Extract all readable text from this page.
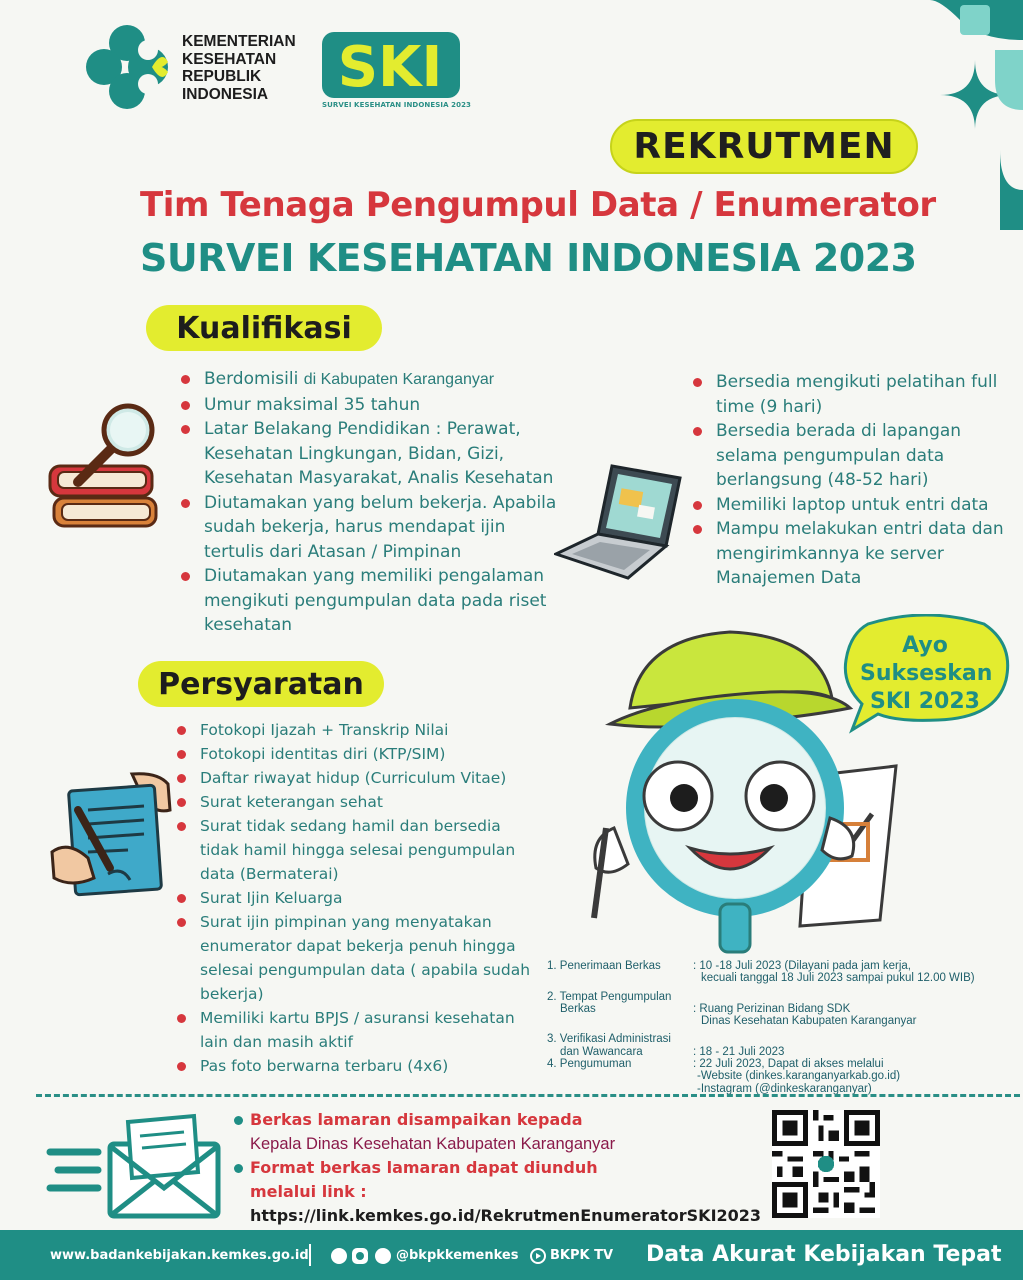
KEMENTERIAN
KESEHATAN
REPUBLIK
INDONESIA	SKI
SURVEI KESEHATAN INDONESIA 2023
REKRUTMEN
Tim Tenaga Pengumpul Data / Enumerator
SURVEI KESEHATAN INDONESIA 2023
Kualifikasi
Berdomisili di Kabupaten Karanganyar
Umur maksimal 35 tahun
Latar Belakang Pendidikan : Perawat, Kesehatan Lingkungan, Bidan, Gizi, Kesehatan Masyarakat, Analis Kesehatan
Diutamakan yang belum bekerja. Apabila sudah bekerja, harus mendapat ijin tertulis dari Atasan / Pimpinan
Diutamakan yang memiliki pengalaman mengikuti pengumpulan data pada riset kesehatan
Bersedia mengikuti pelatihan full time (9 hari)
Bersedia berada di lapangan selama pengumpulan data berlangsung (48-52 hari)
Memiliki laptop untuk entri data
Mampu melakukan entri data dan mengirimkannya ke server Manajemen Data
Persyaratan
Fotokopi Ijazah + Transkrip Nilai
Fotokopi identitas diri (KTP/SIM)
Daftar riwayat hidup (Curriculum Vitae)
Surat keterangan sehat
Surat tidak sedang hamil dan bersedia tidak hamil hingga selesai pengumpulan data (Bermaterai)
Surat Ijin Keluarga
Surat ijin pimpinan yang menyatakan enumerator dapat bekerja penuh hingga selesai pengumpulan data ( apabila sudah bekerja)
Memiliki kartu BPJS / asuransi kesehatan lain dan masih aktif
Pas foto berwarna terbaru (4x6)
Ayo
Sukseskan
SKI 2023
1. Penerimaan Berkas	: 10 -18 Juli 2023 (Dilayani pada jam kerja,
kecuali tanggal 18 Juli 2023 sampai pukul 12.00 WIB)
2. Tempat Pengumpulan
Berkas
	: Ruang Perizinan Bidang SDK
Dinas Kesehatan Kabupaten Karanganyar
3. Verifikasi Administrasi
dan Wawancara
	: 18 - 21 Juli 2023
4. Pengumuman	: 22 Juli 2023, Dapat di akses melalui
-Website (dinkes.karanganyarkab.go.id)
-Instagram (@dinkeskaranganyar)
Berkas lamaran disampaikan kepada
Kepala Dinas Kesehatan Kabupaten Karanganyar
Format berkas lamaran dapat diunduh
melalui link :
https://link.kemkes.go.id/RekrutmenEnumeratorSKI2023
www.badankebijakan.kemkes.go.id	@bkpkkemenkes BKPK TV Data Akurat Kebijakan Tepat
